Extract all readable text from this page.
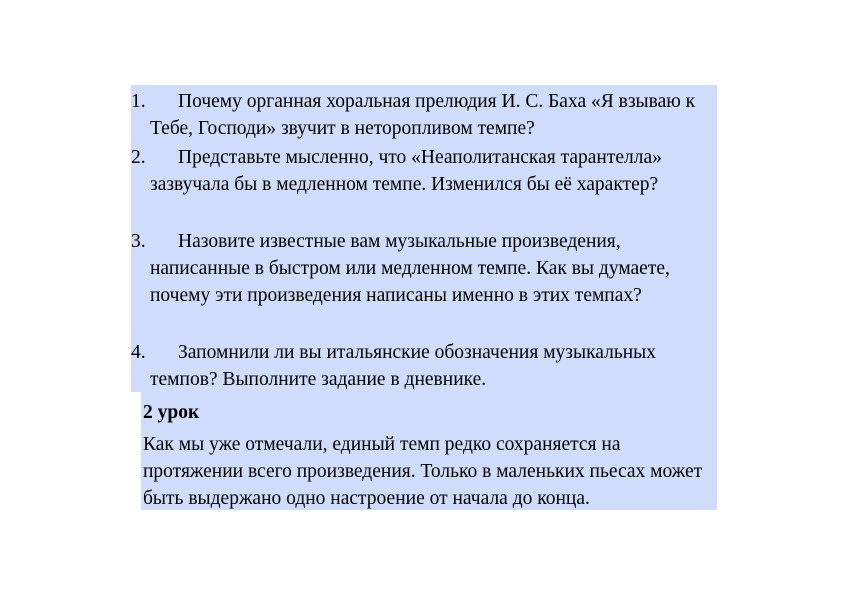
1.	Почему органная хоральная прелюдия И. С. Баха «Я взываю к Тебе, Господи» звучит в неторопливом темпе?
2.	Представьте мысленно, что «Неаполитанская тарантелла» зазвучала бы в медленном темпе. Изменился бы её характер?
3.	Назовите известные вам музыкальные произведения, написанные в быстром или медленном темпе. Как вы думаете, почему эти произведения написаны именно в этих темпах?
4.	Запомнили ли вы итальянские обозначения музыкальных темпов? Выполните задание в дневнике.
2 урок
Как мы уже отмечали, единый темп редко сохраняется на протяжении всего произведения. Только в маленьких пьесах может быть выдержано одно настроение от начала до конца.
